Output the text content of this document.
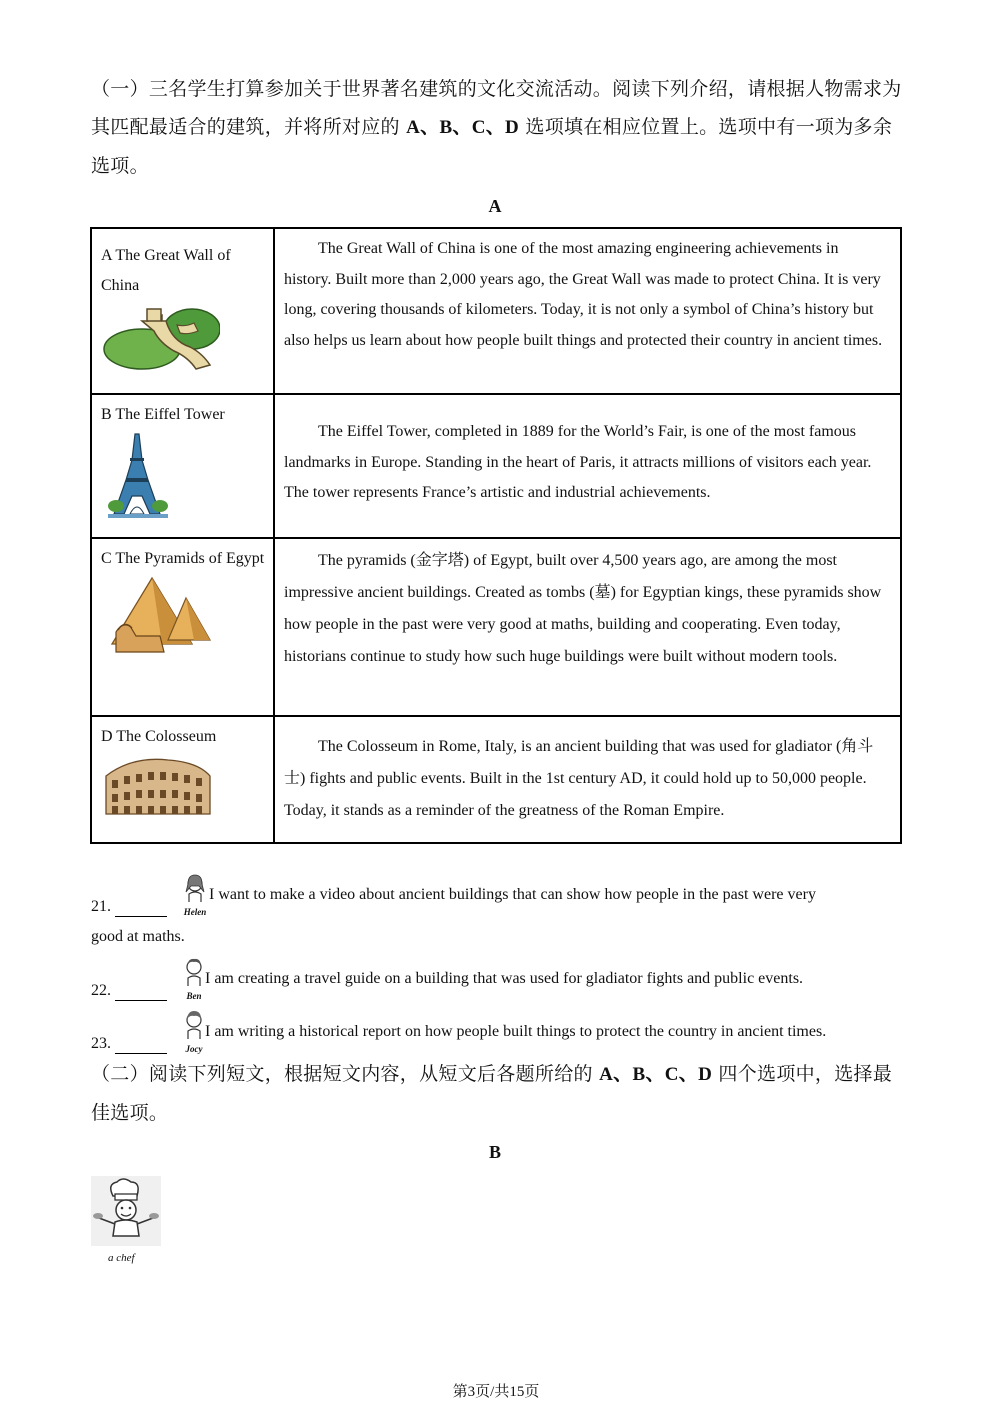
（一）三名学生打算参加关于世界著名建筑的文化交流活动。阅读下列介绍，请根据人物需求为其匹配最适合的建筑，并将所对应的 A、B、C、D 选项填在相应位置上。选项中有一项为多余选项。
A
A The Great Wall of China	The Great Wall of China is one of the most amazing engineering achievements in history. Built more than 2,000 years ago, the Great Wall was made to protect China. It is very long, covering thousands of kilometers. Today, it is not only a symbol of China’s history but also helps us learn about how people built things and protected their country in ancient times.

B The Eiffel Tower	The Eiffel Tower, completed in 1889 for the World’s Fair, is one of the most famous landmarks in Europe. Standing in the heart of Paris, it attracts millions of visitors each year. The tower represents France’s artistic and industrial achievements.

C The Pyramids of Egypt	The pyramids (金字塔) of Egypt, built over 4,500 years ago, are among the most impressive ancient buildings. Created as tombs (墓) for Egyptian kings, these pyramids show how people in the past were very good at maths, building and cooperating. Even today, historians continue to study how such huge buildings were built without modern tools.

D The Colosseum	The Colosseum in Rome, Italy, is an ancient building that was used for gladiator (角斗士) fights and public events. Built in the 1st century AD, it could hold up to 50,000 people. Today, it stands as a reminder of the greatness of the Roman Empire.
21.	Helen
I want to make a video about ancient buildings that can show how people in the past were very
good at maths.
22.	Ben
I am creating a travel guide on a building that was used for gladiator fights and public events.
23.	Jocy
I am writing a historical report on how people built things to protect the country in ancient times.
（二）阅读下列短文，根据短文内容，从短文后各题所给的 A、B、C、D 四个选项中，选择最佳选项。
B
a chef
第3页/共15页
